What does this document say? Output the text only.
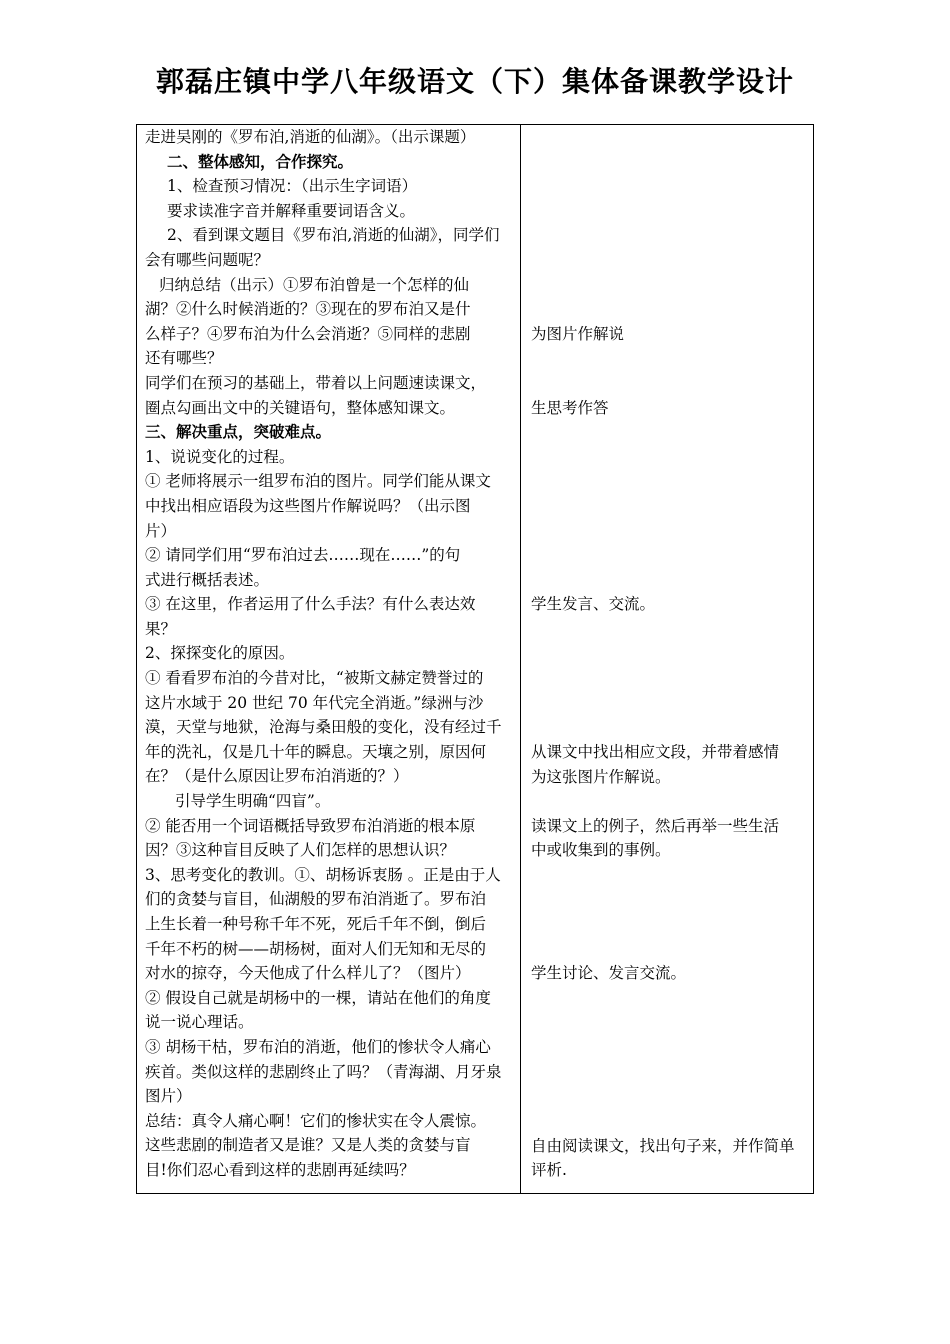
郭磊庄镇中学八年级语文（下）集体备课教学设计
走进吴刚的《罗布泊,消逝的仙湖》。（出示课题）
二、整体感知，合作探究。
1、检查预习情况：（出示生字词语）
要求读准字音并解释重要词语含义。
2、看到课文题目《罗布泊,消逝的仙湖》，同学们
会有哪些问题呢？
归纳总结（出示）①罗布泊曾是一个怎样的仙
湖？②什么时候消逝的？③现在的罗布泊又是什
么样子？④罗布泊为什么会消逝？⑤同样的悲剧
还有哪些？
同学们在预习的基础上，带着以上问题速读课文，
圈点勾画出文中的关键语句，整体感知课文。
三、解决重点，突破难点。
1、说说变化的过程。
① 老师将展示一组罗布泊的图片。同学们能从课文
中找出相应语段为这些图片作解说吗？（出示图
片）
② 请同学们用“罗布泊过去……现在……”的句
式进行概括表述。
③ 在这里，作者运用了什么手法？有什么表达效
果？
2、探探变化的原因。
① 看看罗布泊的今昔对比，“被斯文赫定赞誉过的
这片水域于 20 世纪 70 年代完全消逝。”绿洲与沙
漠，天堂与地狱，沧海与桑田般的变化，没有经过千
年的洗礼，仅是几十年的瞬息。天壤之别，原因何
在？（是什么原因让罗布泊消逝的？）
引导学生明确“四盲”。
② 能否用一个词语概括导致罗布泊消逝的根本原
因？③这种盲目反映了人们怎样的思想认识？
3、思考变化的教训。①、胡杨诉衷肠 。正是由于人
们的贪婪与盲目，仙湖般的罗布泊消逝了。罗布泊
上生长着一种号称千年不死，死后千年不倒，倒后
千年不朽的树——胡杨树，面对人们无知和无尽的
对水的掠夺，今天他成了什么样儿了？（图片）
② 假设自己就是胡杨中的一棵，请站在他们的角度
说一说心理话。
③ 胡杨干枯，罗布泊的消逝，他们的惨状令人痛心
疾首。类似这样的悲剧终止了吗？（青海湖、月牙泉
图片）
总结：真令人痛心啊！它们的惨状实在令人震惊。
这些悲剧的制造者又是谁？又是人类的贪婪与盲
目!你们忍心看到这样的悲剧再延续吗？
为图片作解说
生思考作答
学生发言、交流。
从课文中找出相应文段，并带着感情
为这张图片作解说。
读课文上的例子，然后再举一些生活
中或收集到的事例。
学生讨论、发言交流。
自由阅读课文，找出句子来，并作简单
评析.
